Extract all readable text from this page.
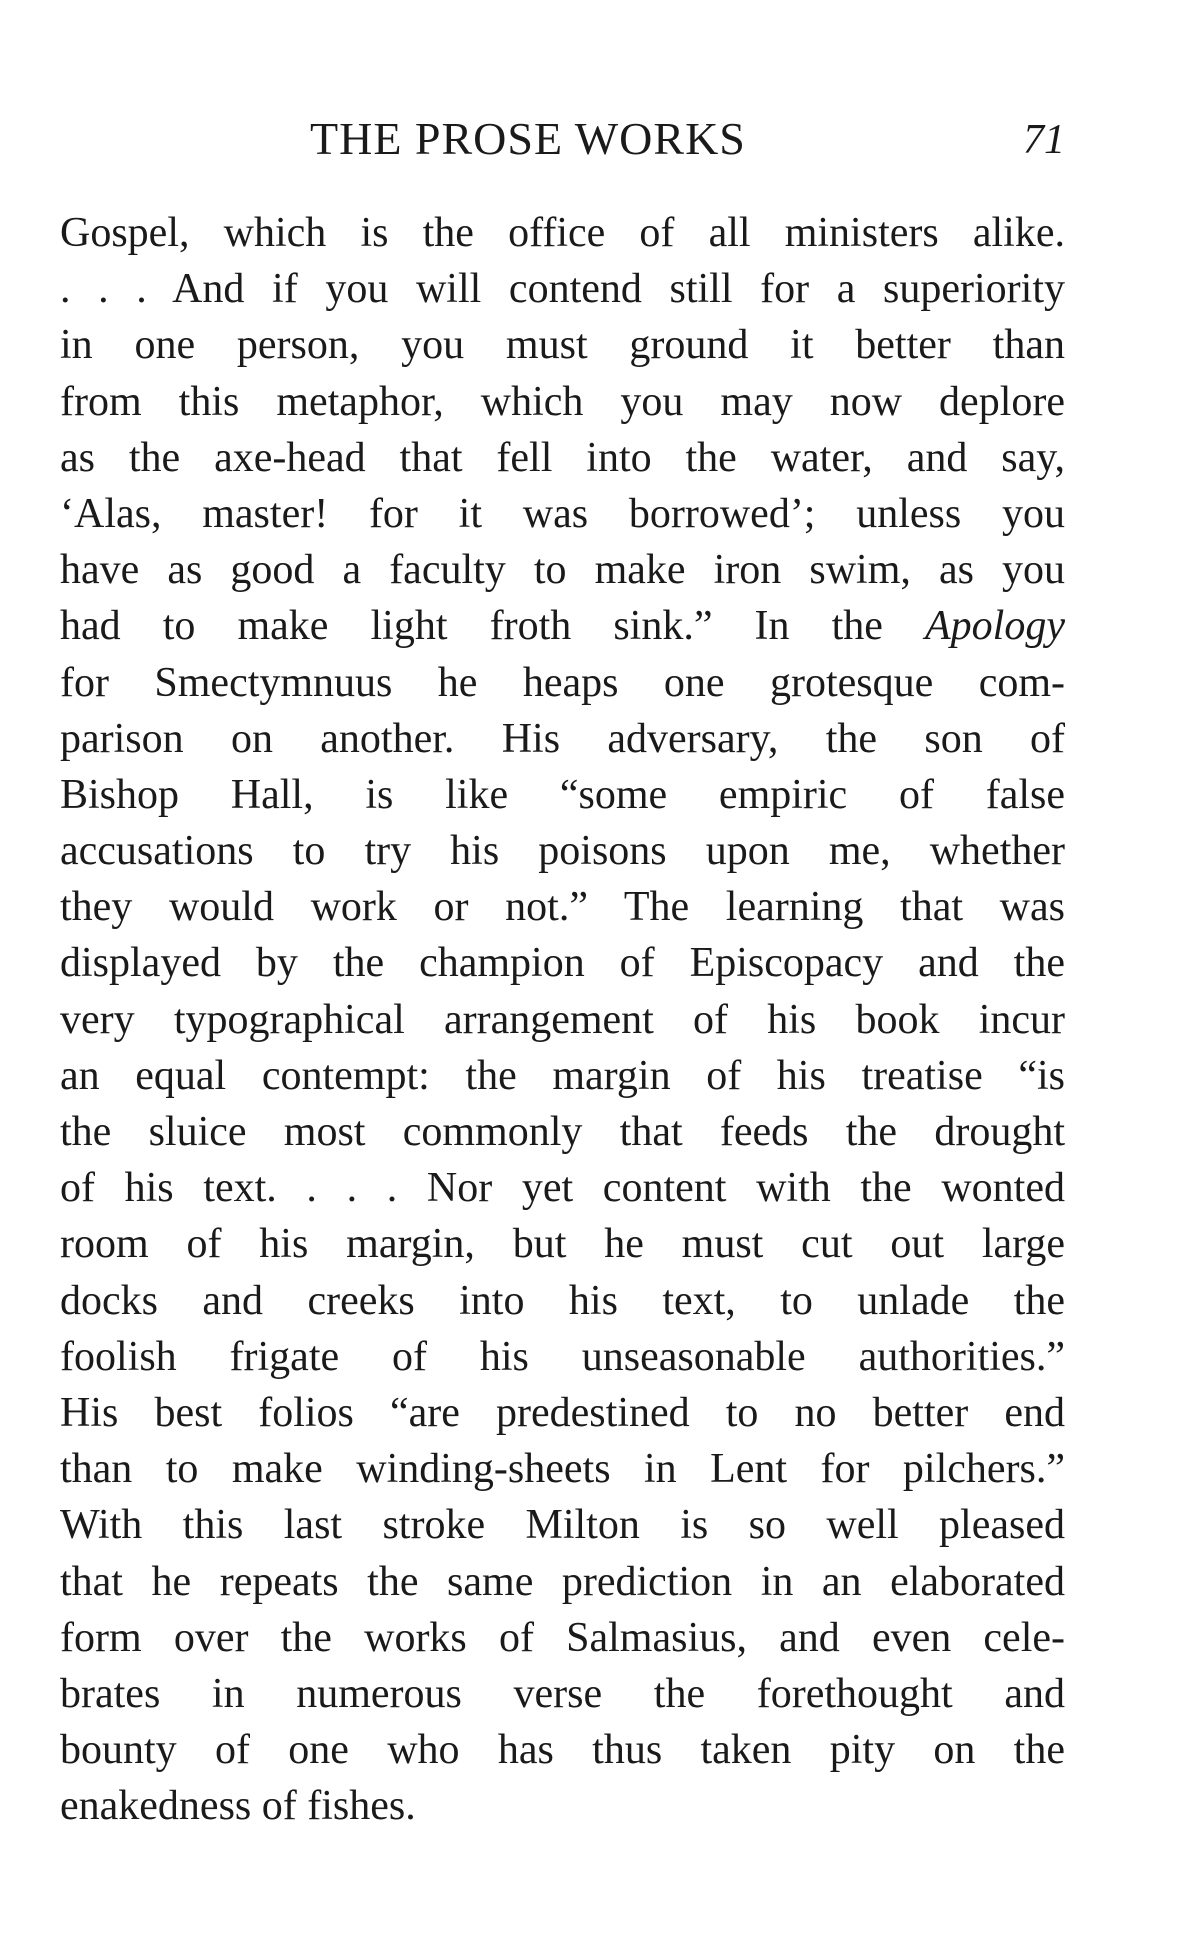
THE PROSE WORKS	71
Gospel, which is the office of all ministers alike.
. . . And if you will contend still for a superiority
in one person, you must ground it better than
from this metaphor, which you may now deplore
as the axe-head that fell into the water, and say,
‘Alas, master! for it was borrowed’; unless you
have as good a faculty to make iron swim, as you
had to make light froth sink.” In the Apology
for Smectymnuus he heaps one grotesque com-
parison on another. His adversary, the son of
Bishop Hall, is like “some empiric of false
accusations to try his poisons upon me, whether
they would work or not.” The learning that was
displayed by the champion of Episcopacy and the
very typographical arrangement of his book incur
an equal contempt: the margin of his treatise “is
the sluice most commonly that feeds the drought
of his text. . . . Nor yet content with the wonted
room of his margin, but he must cut out large
docks and creeks into his text, to unlade the
foolish frigate of his unseasonable authorities.”
His best folios “are predestined to no better end
than to make winding-sheets in Lent for pilchers.”
With this last stroke Milton is so well pleased
that he repeats the same prediction in an elaborated
form over the works of Salmasius, and even cele-
brates in numerous verse the forethought and
bounty of one who has thus taken pity on the
enakedness of fishes.
